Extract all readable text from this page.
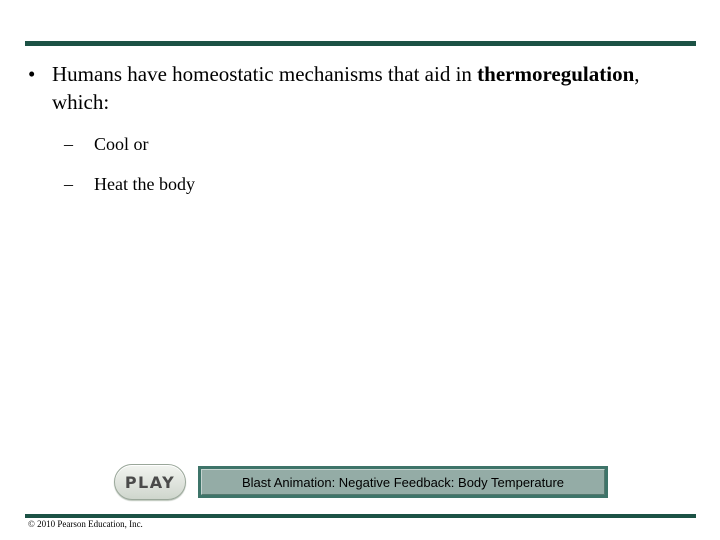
• Humans have homeostatic mechanisms that aid in thermoregulation, which:
– Cool or
– Heat the body
PLAY	Blast Animation: Negative Feedback: Body Temperature
© 2010 Pearson Education, Inc.
